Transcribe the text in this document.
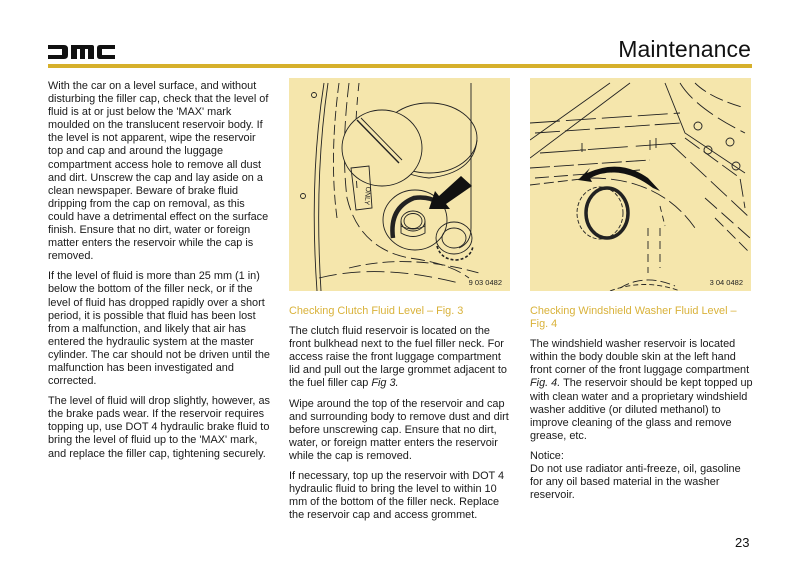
Maintenance

With the car on a level surface, and without disturbing the filler cap, check that the level of fluid is at or just below the 'MAX' mark moulded on the translucent reservoir body. If the level is not apparent, wipe the reservoir top and cap and around the luggage compartment access hole to remove all dust and dirt. Unscrew the cap and lay aside on a clean newspaper. Beware of brake fluid dripping from the cap on removal, as this could have a detrimental effect on the surface finish. Ensure that no dirt, water or foreign matter enters the reservoir while the cap is removed.

If the level of fluid is more than 25 mm (1 in) below the bottom of the filler neck, or if the level of fluid has dropped rapidly over a short period, it is possible that fluid has been lost from a malfunction, and likely that air has entered the hydraulic system at the master cylinder. The car should not be driven until the malfunction has been investigated and corrected.

The level of fluid will drop slightly, however, as the brake pads wear. If the reservoir requires topping up, use DOT 4 hydraulic brake fluid to bring the level of fluid up to the 'MAX' mark, and replace the filler cap, tightening securely.

ONLY
9 03 0482	3 04 0482

Checking Clutch Fluid Level – Fig. 3

The clutch fluid reservoir is located on the front bulkhead next to the fuel filler neck. For access raise the front luggage compartment lid and pull out the large grommet adjacent to the fuel filler cap Fig 3.

Wipe around the top of the reservoir and cap and surrounding body to remove dust and dirt before unscrewing cap. Ensure that no dirt, water, or foreign matter enters the reservoir while the cap is removed.

If necessary, top up the reservoir with DOT 4 hydraulic fluid to bring the level to within 10 mm of the bottom of the filler neck. Replace the reservoir cap and access grommet.

Checking Windshield Washer Fluid Level – Fig. 4

The windshield washer reservoir is located within the body double skin at the left hand front corner of the front luggage compartment Fig. 4. The reservoir should be kept topped up with clean water and a proprietary windshield washer additive (or diluted methanol) to improve cleaning of the glass and remove grease, etc.

Notice:
Do not use radiator anti-freeze, oil, gasoline for any oil based material in the washer reservoir.

23
